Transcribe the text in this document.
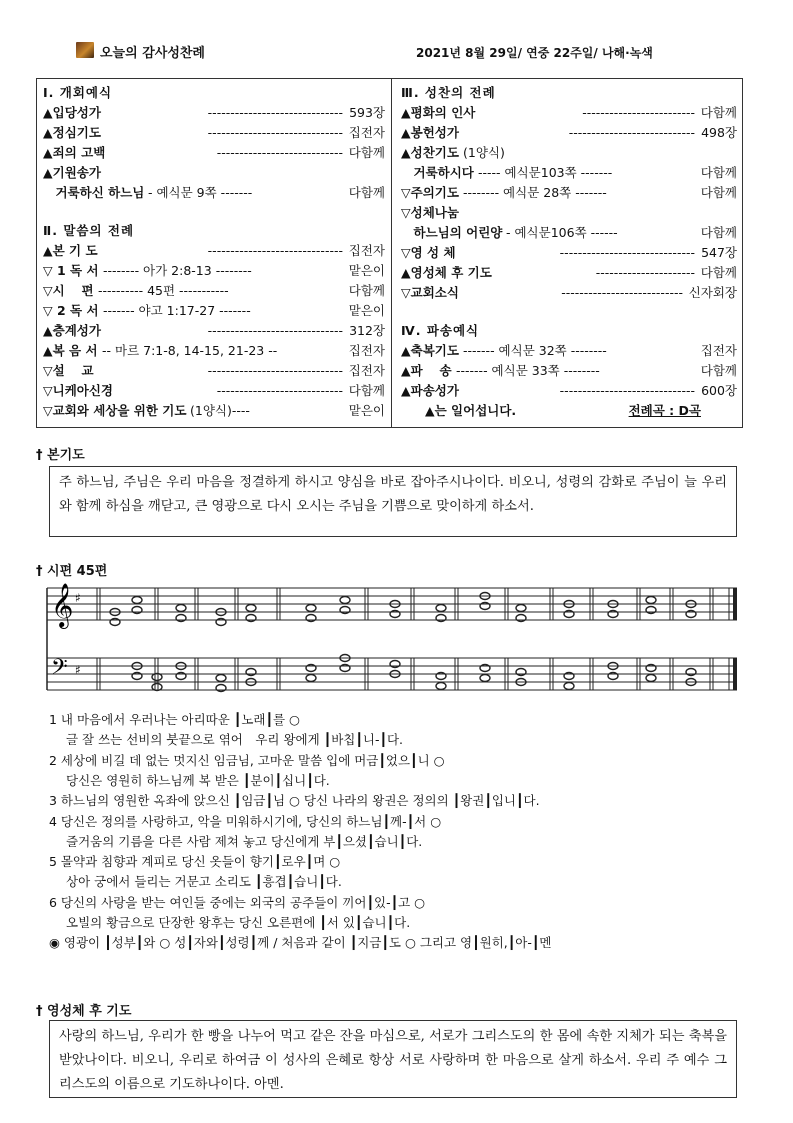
오늘의 감사성찬례	2021년 8월 29일/ 연중 22주일/ 나해·녹색
Ⅰ. 개회예식
▲입당성가	------------------------------ 593장
▲정심기도	------------------------------ 집전자
▲죄의 고백	---------------------------- 다함께
▲기원송가
　거룩하신 하느님 - 예식문 9쪽 -------	다함께
Ⅱ. 말씀의 전례
▲본 기 도	------------------------------ 집전자
▽ 1 독 서 -------- 아가 2:8-13 --------	맡은이
▽시　 편 ---------- 45편 -----------	다함께
▽ 2 독 서 ------- 야고 1:17-27 -------	맡은이
▲층계성가	------------------------------ 312장
▲복 음 서 -- 마르 7:1-8, 14-15, 21-23 --	집전자
▽설　 교	------------------------------ 집전자
▽니케아신경	---------------------------- 다함께
▽교회와 세상을 위한 기도 (1양식)----	맡은이
Ⅲ. 성찬의 전례
▲평화의 인사	------------------------- 다함께
▲봉헌성가	---------------------------- 498장
▲성찬기도 (1양식)
　거룩하시다 ----- 예식문103쪽 -------	다함께
▽주의기도 -------- 예식문 28쪽 -------	다함께
▽성체나눔
　하느님의 어린양 - 예식문106쪽 ------	다함께
▽영 성 체	------------------------------ 547장
▲영성체 후 기도	---------------------- 다함께
▽교회소식	--------------------------- 신자회장
Ⅳ. 파송예식
▲축복기도 ------- 예식문 32쪽 --------	집전자
▲파　 송 ------- 예식문 33쪽 --------	다함께
▲파송성가	------------------------------ 600장
▲는 일어섭니다.	전례곡 : D곡
† 본기도
주 하느님, 주님은 우리 마음을 정결하게 하시고 양심을 바로 잡아주시나이다. 비오니, 성령의 감화로 주님이 늘 우리와 함께 하심을 깨닫고, 큰 영광으로 다시 오시는 주님을 기쁨으로 맞이하게 하소서.
† 시편 45편
𝄞
𝄢
♯
♯
1 내 마음에서 우러나는 아리따운 ┃노래┃를 ○
글 잘 쓰는 선비의 붓끝으로 엮어　우리 왕에게 ┃바칩┃니-┃다.
2 세상에 비길 데 없는 멋지신 임금님, 고마운 말씀 입에 머금┃었으┃니 ○
당신은 영원히 하느님께 복 받은 ┃분이┃십니┃다.
3 하느님의 영원한 옥좌에 앉으신 ┃임금┃님 ○ 당신 나라의 왕권은 정의의 ┃왕권┃입니┃다.
4 당신은 정의를 사랑하고, 악을 미워하시기에, 당신의 하느님┃께-┃서 ○
즐거움의 기름을 다른 사람 제쳐 놓고 당신에게 부┃으셨┃습니┃다.
5 몰약과 침향과 계피로 당신 옷들이 향기┃로우┃며 ○
상아 궁에서 들리는 거문고 소리도 ┃흥겹┃습니┃다.
6 당신의 사랑을 받는 여인들 중에는 외국의 공주들이 끼어┃있-┃고 ○
오빌의 황금으로 단장한 왕후는 당신 오른편에 ┃서 있┃습니┃다.
◉ 영광이 ┃성부┃와 ○ 성┃자와┃성령┃께 / 처음과 같이 ┃지금┃도 ○ 그리고 영┃원히,┃아-┃멘
† 영성체 후 기도
사랑의 하느님, 우리가 한 빵을 나누어 먹고 같은 잔을 마심으로, 서로가 그리스도의 한 몸에 속한 지체가 되는 축복을 받았나이다. 비오니, 우리로 하여금 이 성사의 은혜로 항상 서로 사랑하며 한 마음으로 살게 하소서. 우리 주 예수 그리스도의 이름으로 기도하나이다. 아멘.
